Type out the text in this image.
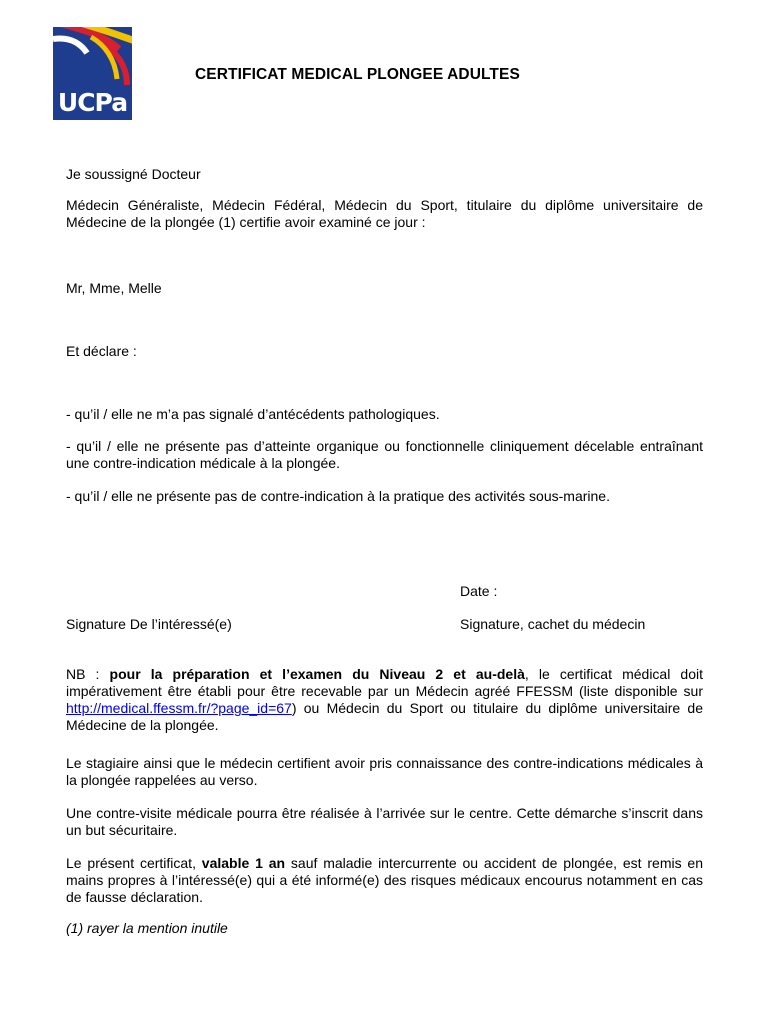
UCPa
CERTIFICAT MEDICAL PLONGEE ADULTES
Je soussigné Docteur
Médecin Généraliste, Médecin Fédéral, Médecin du Sport, titulaire du diplôme universitaire de Médecine de la plongée (1) certifie avoir examiné ce jour :
Mr, Mme, Melle
Et déclare :
- qu’il / elle ne m’a pas signalé d’antécédents pathologiques.
- qu’il / elle ne présente pas d’atteinte organique ou fonctionnelle cliniquement décelable entraînant une contre-indication médicale à la plongée.
- qu’il / elle ne présente pas de contre-indication à la pratique des activités sous-marine.
Date :
Signature De l’intéressé(e)	Signature, cachet du médecin
NB : pour la préparation et l’examen du Niveau 2 et au-delà, le certificat médical doit impérativement être établi pour être recevable par un Médecin agréé FFESSM (liste disponible sur http://medical.ffessm.fr/?page_id=67) ou Médecin du Sport ou titulaire du diplôme universitaire de Médecine de la plongée.
Le stagiaire ainsi que le médecin certifient avoir pris connaissance des contre-indications médicales à la plongée rappelées au verso.
Une contre-visite médicale pourra être réalisée à l’arrivée sur le centre. Cette démarche s’inscrit dans un but sécuritaire.
Le présent certificat, valable 1 an sauf maladie intercurrente ou accident de plongée, est remis en mains propres à l’intéressé(e) qui a été informé(e) des risques médicaux encourus notamment en cas de fausse déclaration.
(1) rayer la mention inutile
